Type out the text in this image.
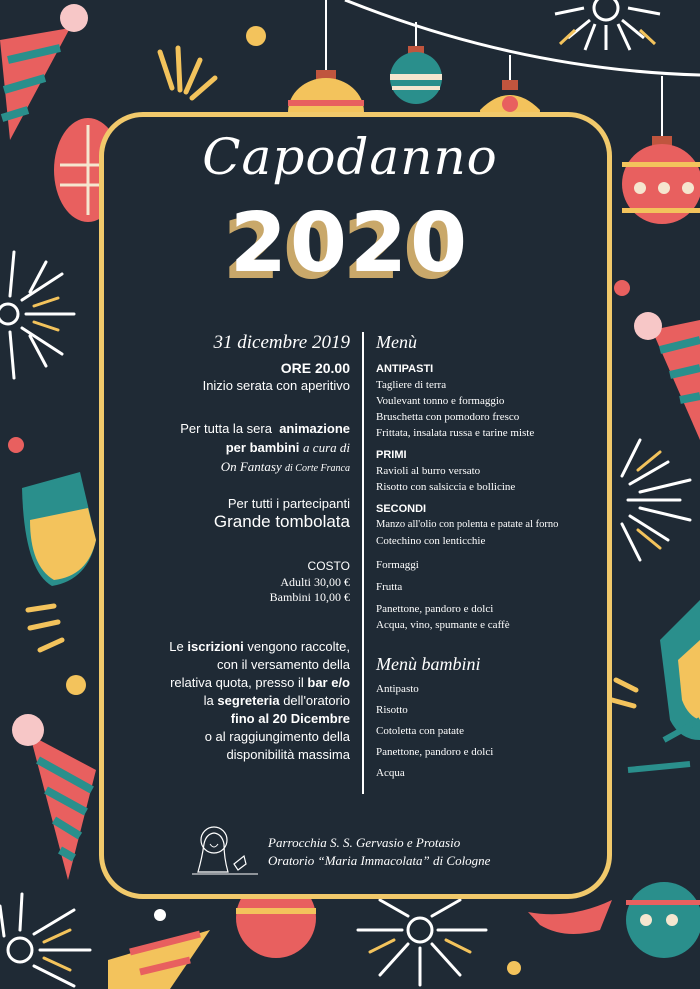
Capodanno
2020
31 dicembre 2019
ORE 20.00
Inizio serata con aperitivo
Per tutta la sera animazione
per bambini a cura di
On Fantasy di Corte Franca
Per tutti i partecipanti
Grande tombolata
COSTO
Adulti 30,00 €
Bambini 10,00 €
Le iscrizioni vengono raccolte,
con il versamento della
relativa quota, presso il bar e/o
la segreteria dell'oratorio
fino al 20 Dicembre
o al raggiungimento della
disponibilità massima
Menù
ANTIPASTI
Tagliere di terra
Voulevant tonno e formaggio
Bruschetta con pomodoro fresco
Frittata, insalata russa e tarine miste
PRIMI
Ravioli al burro versato
Risotto con salsiccia e bollicine
SECONDI
Manzo all'olio con polenta e patate al forno
Cotechino con lenticchie
Formaggi
Frutta
Panettone, pandoro e dolci
Acqua, vino, spumante e caffè
Menù bambini
Antipasto
Risotto
Cotoletta con patate
Panettone, pandoro e dolci
Acqua
Parrocchia S. S. Gervasio e Protasio
Oratorio “Maria Immacolata” di Cologne
